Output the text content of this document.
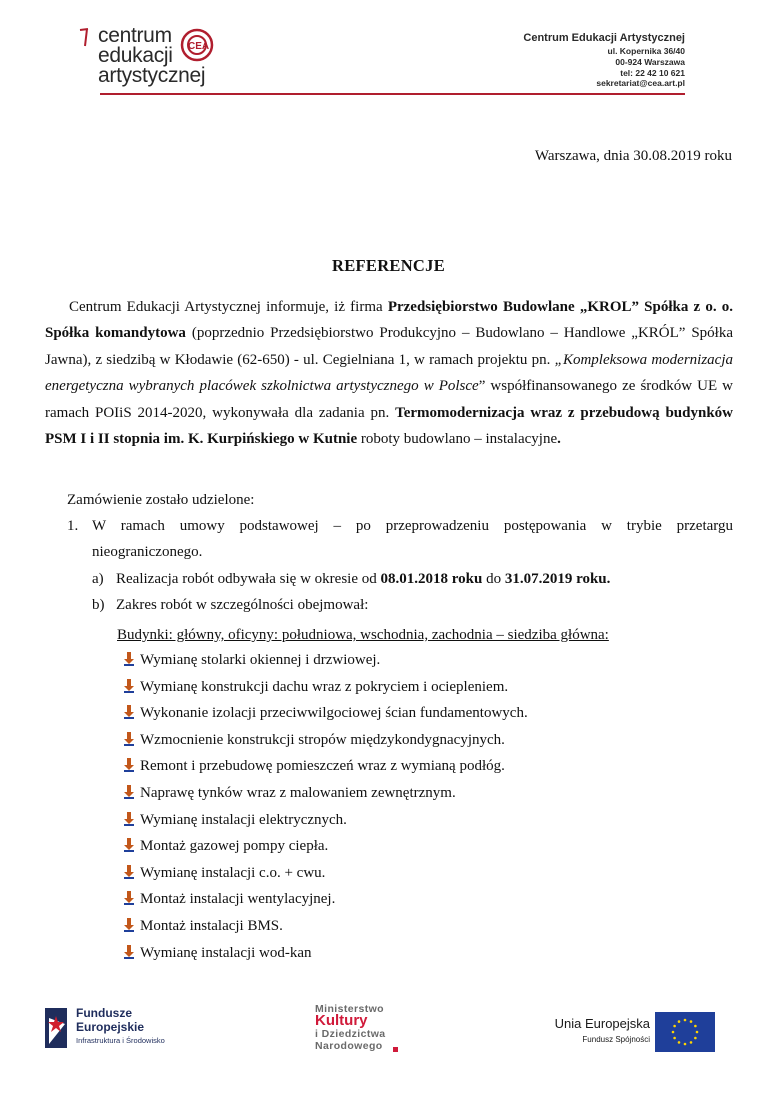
centrum
edukacji
artystycznej
CEA
Centrum Edukacji Artystycznej
ul. Kopernika 36/40
00-924 Warszawa
tel: 22 42 10 621
sekretariat@cea.art.pl
Warszawa, dnia 30.08.2019 roku
REFERENCJE

Centrum Edukacji Artystycznej informuje, iż firma Przedsiębiorstwo Budowlane „KROL” Spółka z o. o. Spółka komandytowa (poprzednio Przedsiębiorstwo Produkcyjno – Budowlano – Handlowe „KRÓL” Spółka Jawna), z siedzibą w Kłodawie (62-650) - ul. Cegielniana 1, w ramach projektu pn. „Kompleksowa modernizacja energetyczna wybranych placówek szkolnictwa artystycznego w Polsce” współfinansowanego ze środków UE w ramach POIiS 2014-2020, wykonywała dla zadania pn. Termomodernizacja wraz z przebudową budynków PSM I i II stopnia im. K. Kurpińskiego w Kutnie roboty budowlano – instalacyjne.

Zamówienie zostało udzielone:
1. W ramach umowy podstawowej – po przeprowadzeniu postępowania w trybie przetargu
nieograniczonego.
a) Realizacja robót odbywała się w okresie od 08.01.2018 roku do 31.07.2019 roku.
b) Zakres robót w szczególności obejmował:
Budynki: główny, oficyny: południowa, wschodnia, zachodnia – siedziba główna:
Wymianę stolarki okiennej i drzwiowej.
Wymianę konstrukcji dachu wraz z pokryciem i ociepleniem.
Wykonanie izolacji przeciwwilgociowej ścian fundamentowych.
Wzmocnienie konstrukcji stropów międzykondygnacyjnych.
Remont i przebudowę pomieszczeń wraz z wymianą podłóg.
Naprawę tynków wraz z malowaniem zewnętrznym.
Wymianę instalacji elektrycznych.
Montaż gazowej pompy ciepła.
Wymianę instalacji c.o. + cwu.
Montaż instalacji wentylacyjnej.
Montaż instalacji BMS.
Wymianę instalacji wod-kan
Fundusze
Europejskie
Infrastruktura i Środowisko
Ministerstwo
Kultury
i Dziedzictwa
Narodowego
Unia Europejska
Fundusz Spójności
